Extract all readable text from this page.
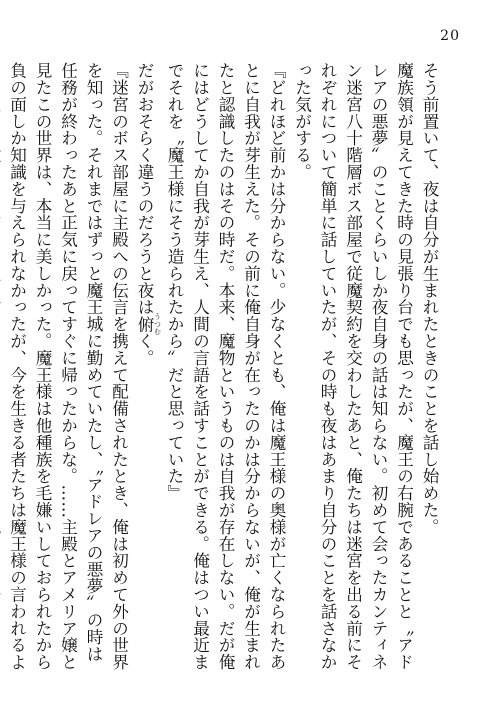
20

そう前置いて、夜は自分が生まれたときのことを話し始めた。

魔族領が見えてきた時の見張り台でも思ったが、魔王の右腕であることと〝アドレアの悪夢〟のことくらいしか夜自身の話は知らない。初めて会ったカンティネン迷宮八十階層ボス部屋で従魔契約を交わしたあと、俺たちは迷宮を出る前にそれぞれについて簡単に話していたが、その時も夜はあまり自分のことを話さなかった気がする。

『どれほど前かは分からない。少なくとも、俺は魔王様の奥様が亡くなられたあとに自我が芽生えた。その前に俺自身が在ったのかは分からないが、俺が生まれたと認識したのはその時だ。本来、魔物というものは自我が存在しない。だが俺にはどうしてか自我が芽生え、人間の言語を話すことができる。俺はつい最近までそれを〝魔王様にそう造られたから〟だと思っていた』

だがおそらく違うのだろうと夜は俯 うつむく。

『迷宮のボス部屋に主殿への伝言を携えて配備されたとき、俺は初めて外の世界を知った。それまではずっと魔王城に勤めていたし、〝アドレアの悪夢〟の時は任務が終わったあと正気に戻ってすぐに帰ったからな。……主殿とアメリア嬢と見たこの世界は、本当に美しかった。魔王様は他種族を毛嫌いしておられたから負の面しか知識を与えられなかったが、今を生きる者たちは魔王様の言われるよ
